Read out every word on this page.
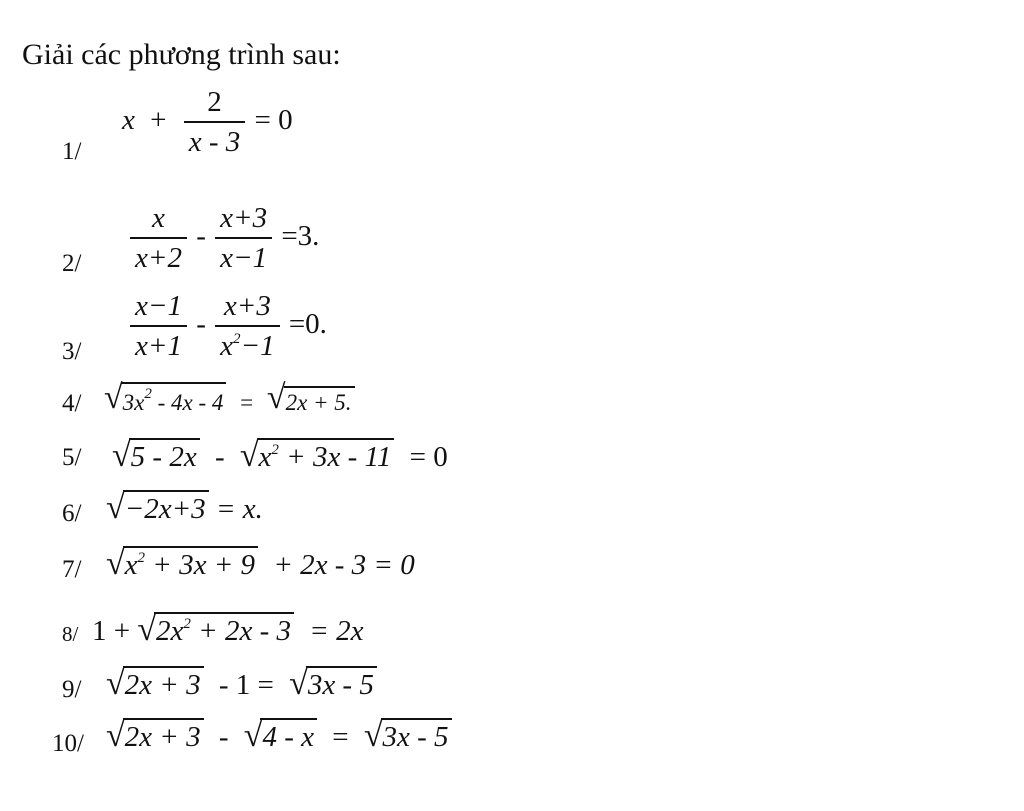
Giải các phương trình sau:
1/
$x + \frac{2}{x - 3} = 0$
$2/ \frac{x}{x+2} - \frac{x+3}{x-1} =3$.
$3/ \frac{x-1}{x+1} - \frac{x+3}{x^2-1} =0$.
4/ √ $3x^2 - 4x - 4$ = √ 2x + 5.
5/ √ 5 - 2x - √ $x^2 + 3x - 11 = 0$
6/ √ −2x+3 = x.
7/ √ $x^2 + 3x + 9 + 2x - 3 = 0$
8/ 1 + √ $2x^2 + 2x - 3 = 2x$
9/ √ 2x + 3 - 1 = √ 3x - 5
10/ √ 2x + 3 - √ 4 - x = √ 3x - 5
